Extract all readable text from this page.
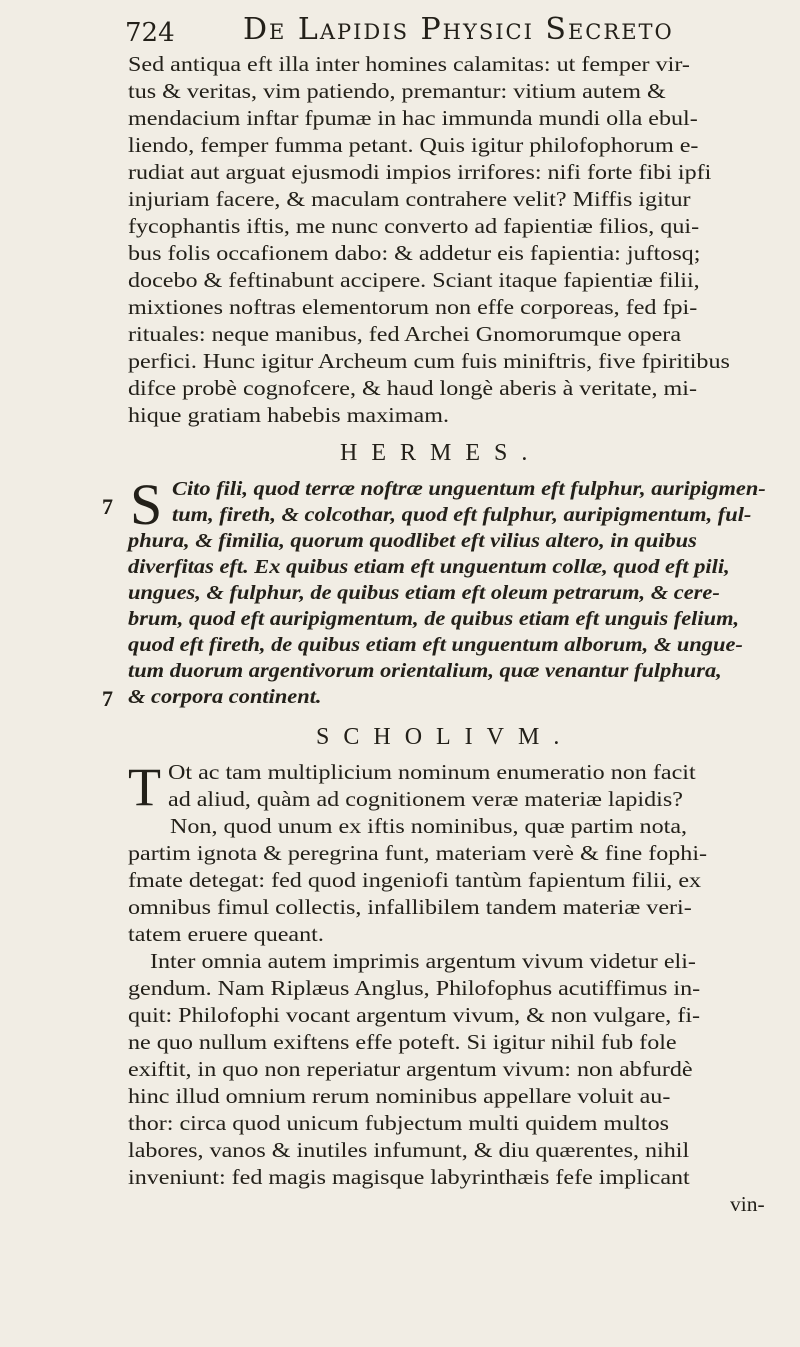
724 De Lapidis Physici Secreto
Sed antiqua eft illa inter homines calamitas: ut femper vir-
tus & veritas, vim patiendo, premantur: vitium autem &
mendacium inftar fpumæ in hac immunda mundi olla ebul-
liendo, femper fumma petant. Quis igitur philofophorum e-
rudiat aut arguat ejusmodi impios irrifores: nifi forte fibi ipfi
injuriam facere, & maculam contrahere velit? Miffis igitur
fycophantis iftis, me nunc converto ad fapientiæ filios, qui-
bus folis occafionem dabo: & addetur eis fapientia: juftosq;
docebo & feftinabunt accipere. Sciant itaque fapientiæ filii,
mixtiones noftras elementorum non effe corporeas, fed fpi-
rituales: neque manibus, fed Archei Gnomorumque opera
perfici. Hunc igitur Archeum cum fuis miniftris, five fpiritibus
difce probè cognofcere, & haud longè aberis à veritate, mi-
hique gratiam habebis maximam.
HERMES.
7 S Cito fili, quod terræ noftræ unguentum eft fulphur, auripigmen-
tum, fireth, & colcothar, quod eft fulphur, auripigmentum, ful-
phura, & fimilia, quorum quodlibet eft vilius altero, in quibus
diverfitas eft. Ex quibus etiam eft unguentum collæ, quod eft pili,
ungues, & fulphur, de quibus etiam eft oleum petrarum, & cere-
brum, quod eft auripigmentum, de quibus etiam eft unguis felium,
quod eft fireth, de quibus etiam eft unguentum alborum, & ungue-
tum duorum argentivorum orientalium, quæ venantur fulphura,
7 & corpora continent.
SCHOLIVM.
T Ot ac tam multiplicium nominum enumeratio non facit
ad aliud, quàm ad cognitionem veræ materiæ lapidis?
Non, quod unum ex iftis nominibus, quæ partim nota,
partim ignota & peregrina funt, materiam verè & fine fophi-
fmate detegat: fed quod ingeniofi tantùm fapientum filii, ex
omnibus fimul collectis, infallibilem tandem materiæ veri-
tatem eruere queant.
Inter omnia autem imprimis argentum vivum videtur eli-
gendum. Nam Riplæus Anglus, Philofophus acutiffimus in-
quit: Philofophi vocant argentum vivum, & non vulgare, fi-
ne quo nullum exiftens effe poteft. Si igitur nihil fub fole
exiftit, in quo non reperiatur argentum vivum: non abfurdè
hinc illud omnium rerum nominibus appellare voluit au-
thor: circa quod unicum fubjectum multi quidem multos
labores, vanos & inutiles infumunt, & diu quærentes, nihil
inveniunt: fed magis magisque labyrinthæis fefe implicant
vin-
